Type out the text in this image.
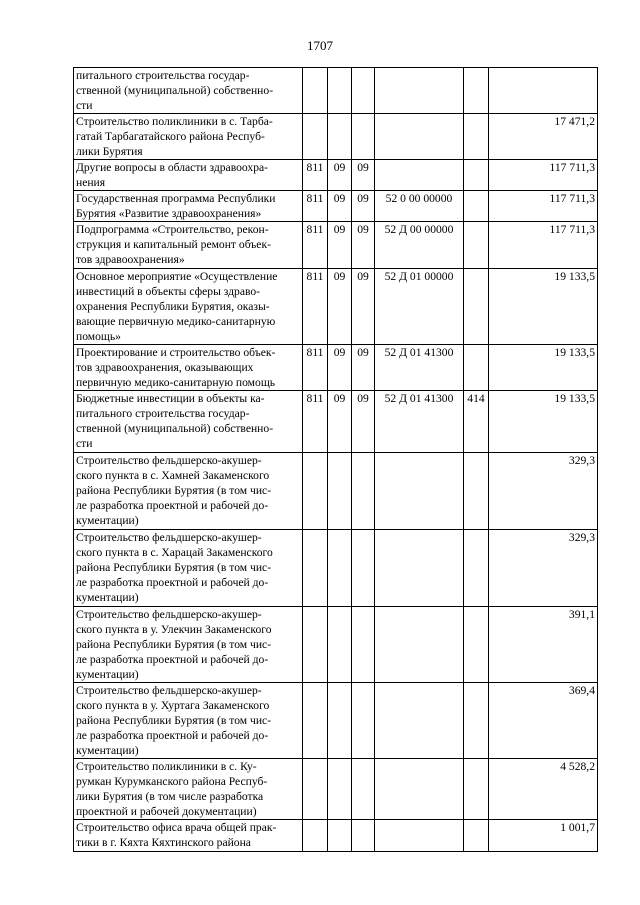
1707
питального строительства государ-
ственной (муниципальной) собственно-
сти						
Строительство поликлиники в с. Тарба-
гатай Тарбагатайского района Респуб-
лики Бурятия						17 471,2
Другие вопросы в области здравоохра-
нения	811	09	09			117 711,3
Государственная программа Республики
Бурятия «Развитие здравоохранения»	811	09	09	52 0 00 00000		117 711,3
Подпрограмма «Строительство, рекон-
струкция и капитальный ремонт объек-
тов здравоохранения»	811	09	09	52 Д 00 00000		117 711,3
Основное мероприятие «Осуществление
инвестиций в объекты сферы здраво-
охранения Республики Бурятия, оказы-
вающие первичную медико-санитарную
помощь»	811	09	09	52 Д 01 00000		19 133,5
Проектирование и строительство объек-
тов здравоохранения, оказывающих
первичную медико-санитарную помощь	811	09	09	52 Д 01 41300		19 133,5
Бюджетные инвестиции в объекты ка-
питального строительства государ-
ственной (муниципальной) собственно-
сти	811	09	09	52 Д 01 41300	414	19 133,5
Строительство фельдшерско-акушер-
ского пункта в с. Хамней Закаменского
района Республики Бурятия (в том чис-
ле разработка проектной и рабочей до-
кументации)						329,3
Строительство фельдшерско-акушер-
ского пункта в с. Харацай Закаменского
района Республики Бурятия (в том чис-
ле разработка проектной и рабочей до-
кументации)						329,3
Строительство фельдшерско-акушер-
ского пункта в у. Улекчин Закаменского
района Республики Бурятия (в том чис-
ле разработка проектной и рабочей до-
кументации)						391,1
Строительство фельдшерско-акушер-
ского пункта в у. Хуртага Закаменского
района Республики Бурятия (в том чис-
ле разработка проектной и рабочей до-
кументации)						369,4
Строительство поликлиники в с. Ку-
румкан Курумканского района Респуб-
лики Бурятия (в том числе разработка
проектной и рабочей документации)						4 528,2
Строительство офиса врача общей прак-
тики в г. Кяхта Кяхтинского района						1 001,7
